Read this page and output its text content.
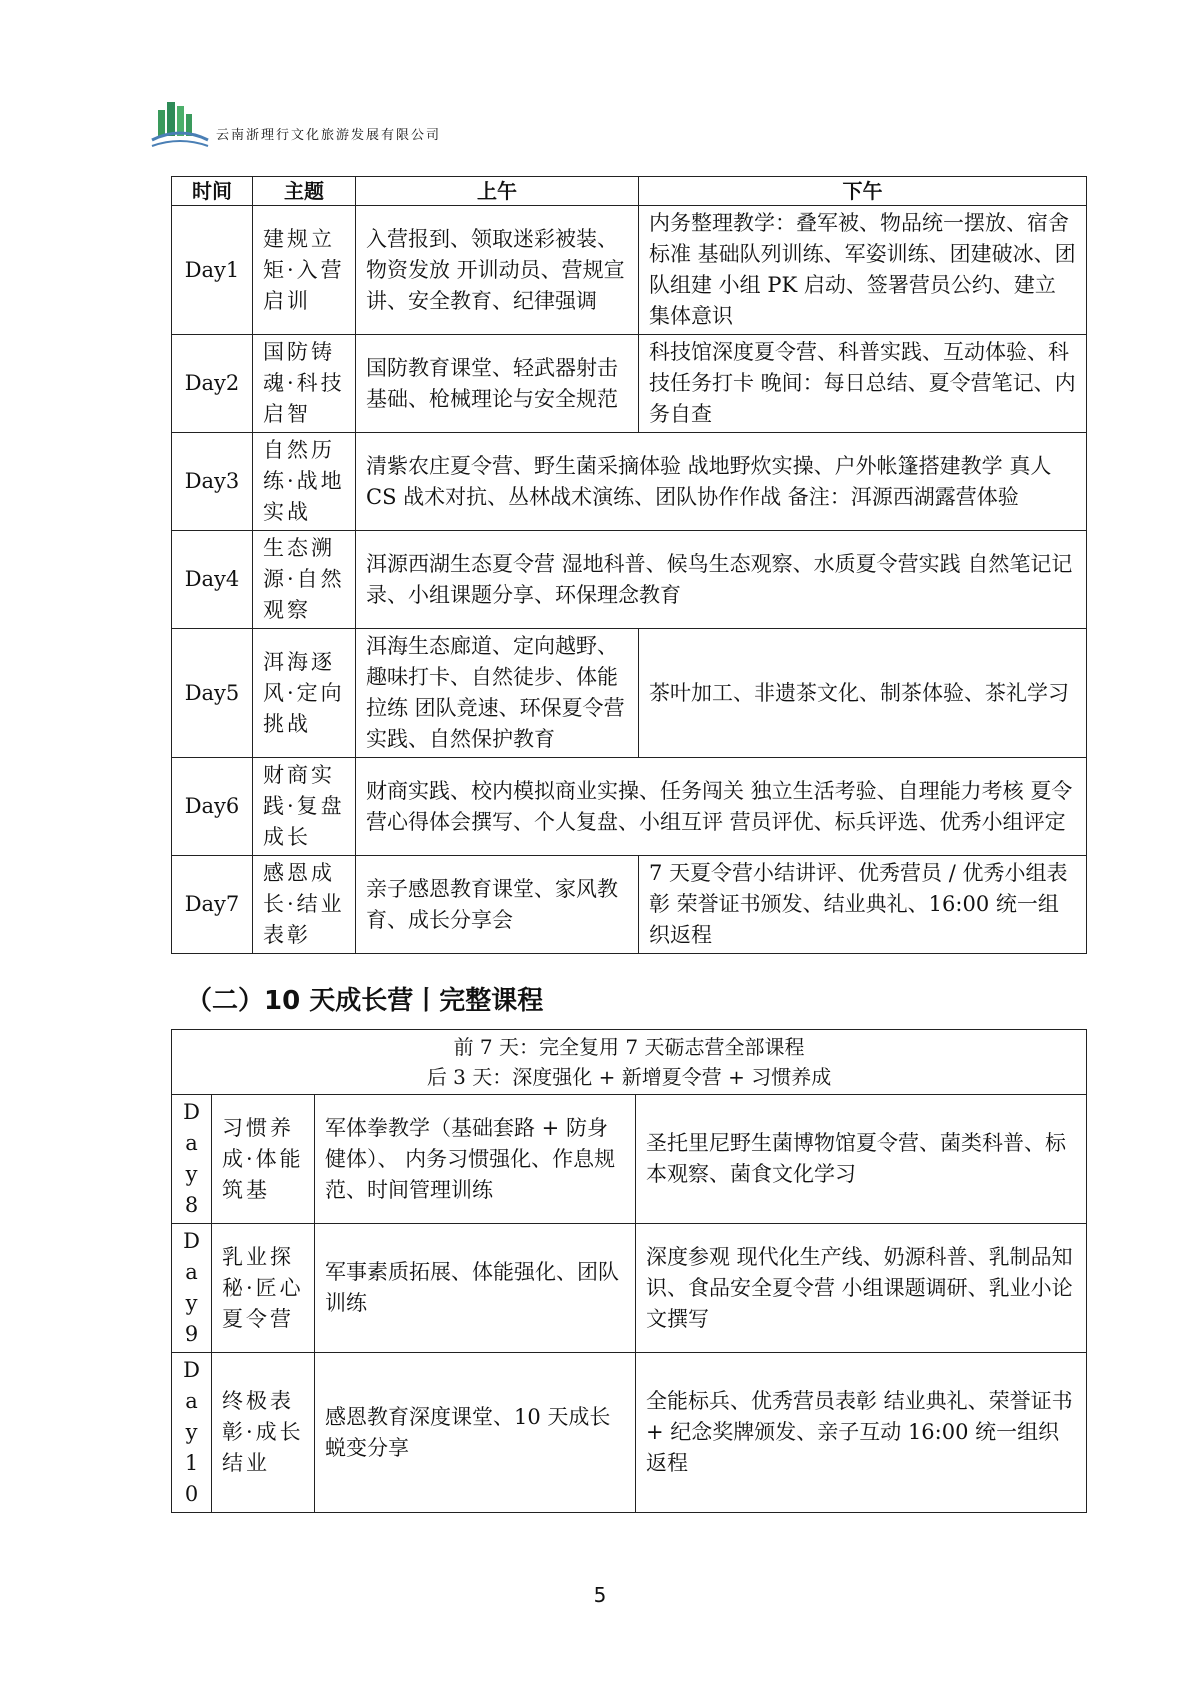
云南浙理行文化旅游发展有限公司
时间	主题	上午	下午
Day1	建规立矩·入营启训	入营报到、领取迷彩被装、物资发放 开训动员、营规宣讲、安全教育、纪律强调	内务整理教学：叠军被、物品统一摆放、宿舍标准 基础队列训练、军姿训练、团建破冰、团队组建 小组 PK 启动、签署营员公约、建立集体意识
Day2	国防铸魂·科技启智	国防教育课堂、轻武器射击基础、枪械理论与安全规范	科技馆深度夏令营、科普实践、互动体验、科技任务打卡 晚间：每日总结、夏令营笔记、内务自查
Day3	自然历练·战地实战	清紫农庄夏令营、野生菌采摘体验 战地野炊实操、户外帐篷搭建教学 真人 CS 战术对抗、丛林战术演练、团队协作作战 备注：洱源西湖露营体验	
Day4	生态溯源·自然观察	洱源西湖生态夏令营 湿地科普、候鸟生态观察、水质夏令营实践 自然笔记记录、小组课题分享、环保理念教育	
Day5	洱海逐风·定向挑战	洱海生态廊道、定向越野、趣味打卡、自然徒步、体能拉练 团队竞速、环保夏令营实践、自然保护教育	茶叶加工、非遗茶文化、制茶体验、茶礼学习
Day6	财商实践·复盘成长	财商实践、校内模拟商业实操、任务闯关 独立生活考验、自理能力考核 夏令营心得体会撰写、个人复盘、小组互评 营员评优、标兵评选、优秀小组评定	
Day7	感恩成长·结业表彰	亲子感恩教育课堂、家风教育、成长分享会	7 天夏令营小结讲评、优秀营员 / 优秀小组表彰 荣誉证书颁发、结业典礼、16:00 统一组织返程
（二）10 天成长营丨完整课程
前 7 天：完全复用 7 天砺志营全部课程
后 3 天：深度强化 + 新增夏令营 + 习惯养成			

D
a
y
8	习惯养成·体能筑基	军体拳教学（基础套路 + 防身健体）、 内务习惯强化、作息规范、时间管理训练	圣托里尼野生菌博物馆夏令营、菌类科普、标本观察、菌食文化学习

D
a
y
9	乳业探秘·匠心夏令营	军事素质拓展、体能强化、团队训练	深度参观 现代化生产线、奶源科普、乳制品知识、食品安全夏令营 小组课题调研、乳业小论文撰写

D
a
y
1
0	终极表彰·成长结业	感恩教育深度课堂、10 天成长蜕变分享	全能标兵、优秀营员表彰 结业典礼、荣誉证书 + 纪念奖牌颁发、亲子互动 16:00 统一组织返程
5
